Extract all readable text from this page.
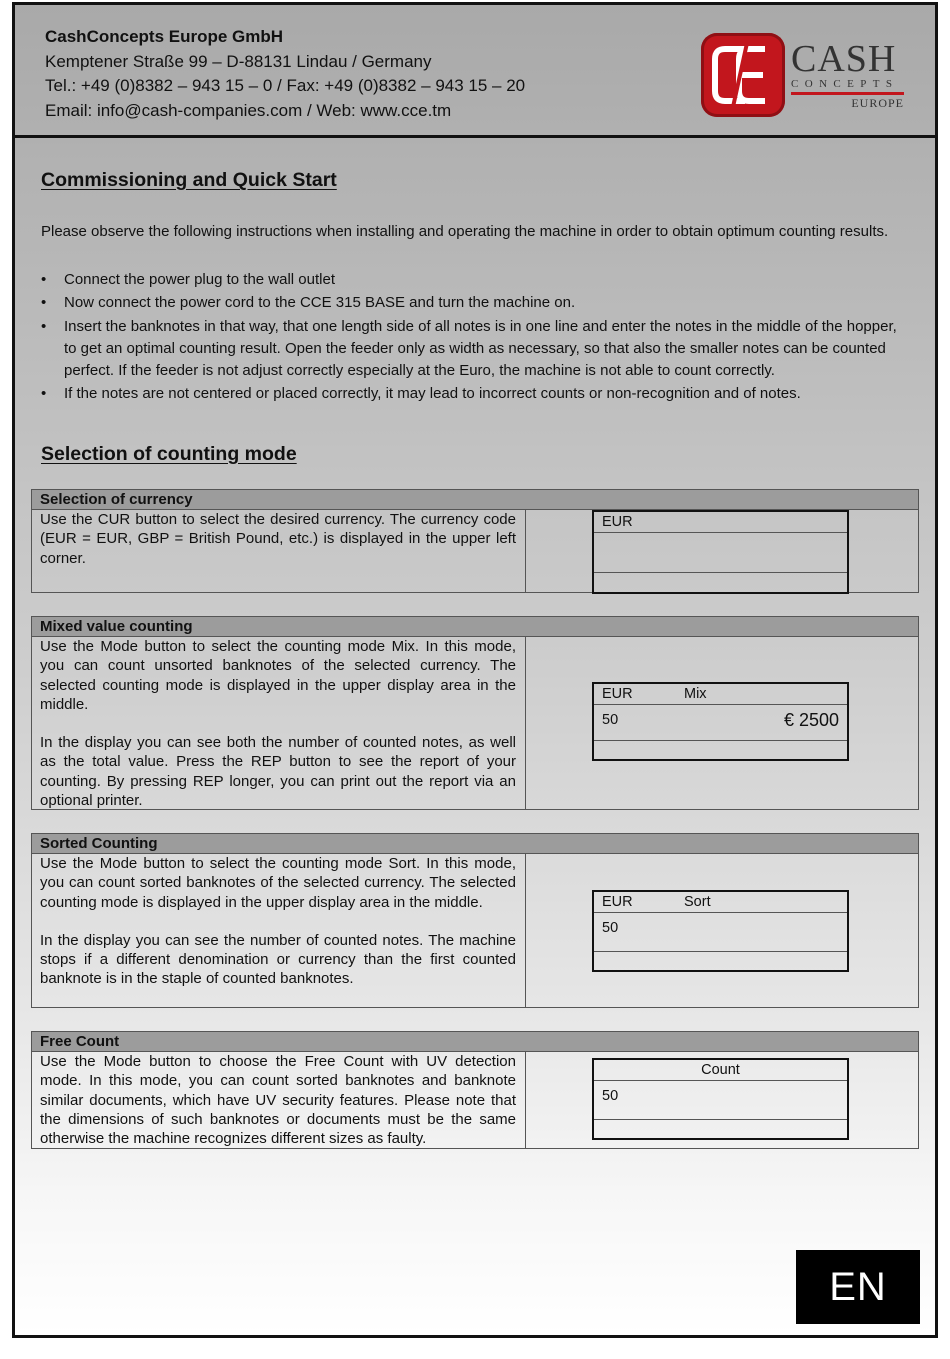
CashConcepts Europe GmbH
Kemptener Straße 99 – D-88131 Lindau / Germany
Tel.: +49 (0)8382 – 943 15 – 0 / Fax: +49 (0)8382 – 943 15 – 20
Email: info@cash-companies.com / Web: www.cce.tm
CASH
CONCEPTS
EUROPE
Commissioning and Quick Start

Please observe the following instructions when installing and operating the machine in order to obtain optimum counting results.

• Connect the power plug to the wall outlet
• Now connect the power cord to the CCE 315 BASE and turn the machine on.
• Insert the banknotes in that way, that one length side of all notes is in one line and enter the notes in the middle of the hopper, to get an optimal counting result. Open the feeder only as width as necessary, so that also the smaller notes can be counted perfect. If the feeder is not adjust correctly especially at the Euro, the machine is not able to count correctly.
• If the notes are not centered or placed correctly, it may lead to incorrect counts or non-recognition and of notes.
Selection of counting mode
Selection of currency

Use the CUR button to select the desired currency. The currency code (EUR = EUR, GBP = British Pound, etc.) is displayed in the upper left corner.

EUR
Mixed value counting

Use the Mode button to select the counting mode Mix. In this mode, you can count unsorted banknotes of the selected currency. The selected counting mode is displayed in the upper display area in the middle.

In the display you can see both the number of counted notes, as well as the total value. Press the REP button to see the report of your counting. By pressing REP longer, you can print out the report via an optional printer.

EUR	Mix
50	€ 2500
Sorted Counting

Use the Mode button to select the counting mode Sort. In this mode, you can count sorted banknotes of the selected currency. The selected counting mode is displayed in the upper display area in the middle.

In the display you can see the number of counted notes. The machine stops if a different denomination or currency than the first counted banknote is in the staple of counted banknotes.

EUR	Sort
50
Free Count

Use the Mode button to choose the Free Count with UV detection mode. In this mode, you can count sorted banknotes and banknote similar documents, which have UV security features. Please note that the dimensions of such banknotes or documents must be the same otherwise the machine recognizes different sizes as faulty.

Count
50
EN
